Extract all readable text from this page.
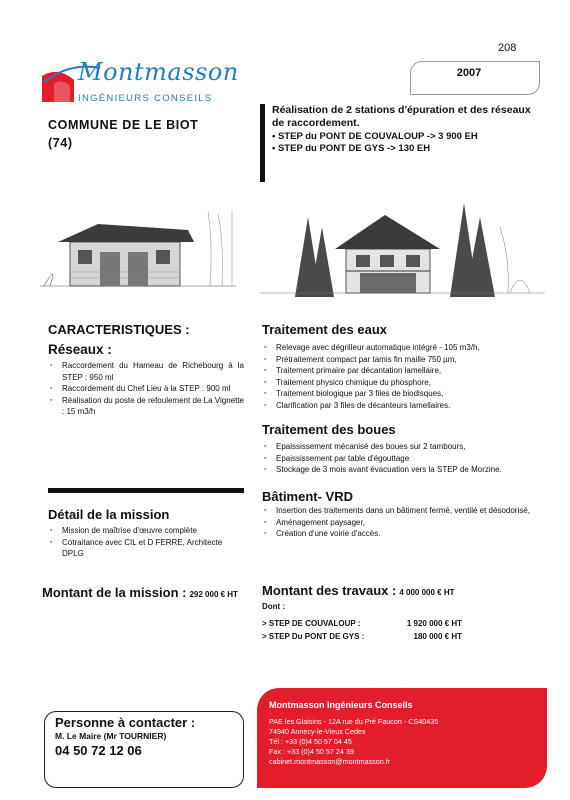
208
Montmasson
INGÉNIEURS CONSEILS
2007
COMMUNE DE LE BIOT
(74)
Réalisation de 2 stations d'épuration et des réseaux de raccordement.
• STEP du PONT DE COUVALOUP -> 3 900 EH
• STEP du PONT DE GYS -> 130 EH
CARACTERISTIQUES :
Réseaux :
▪ Raccordement du Hameau de Richebourg à la STEP : 950 ml
▪ Raccordement du Chef Lieu à la STEP : 900 ml
▪ Réalisation du poste de refoulement de La Vignette : 15 m3/h
Traitement des eaux
▪ Relevage avec dégrilleur automatique intégré - 105 m3/h,
▪ Prétraitement compact par tamis fin maille 750 µm,
▪ Traitement primaire par décantation lamellaire,
▪ Traitement physico chimique du phosphore,
▪ Traitement biologique par 3 files de biodisques,
▪ Clarification par 3 files de décanteurs lamellaires.
Traitement des boues
▪ Epaississement mécanisé des boues sur 2 tambours,
▪ Epaississement par table d'égouttage
▪ Stockage de 3 mois avant évacuation vers la STEP de Morzine.
Détail de la mission
▪ Mission de maîtrise d'œuvre complète
▪ Cotraitance avec CIL et D FERRE, Architecte DPLG
Bâtiment- VRD
▪ Insertion des traitements dans un bâtiment fermé, ventilé et désodorisé,
▪ Aménagement paysager,
▪ Création d'une voirie d'accès.
Montant de la mission : 292 000 € HT Montant des travaux : 4 000 000 € HT
Dont :
> STEP DE COUVALOUP :	1 920 000 € HT
> STEP Du PONT DE GYS :	180 000 € HT
Personne à contacter :
M. Le Maire (Mr TOURNIER)
04 50 72 12 06
Montmasson Ingénieurs Conseils
PAE les Glaisins - 12A rue du Pré Faucon - CS40435
74940 Annecy-le-Vieux Cedex
Tél : +33 (0)4 50 57 04 45
Fax : +33 (0)4 50 57 24 39
cabinet.montmasson@montmasson.fr
